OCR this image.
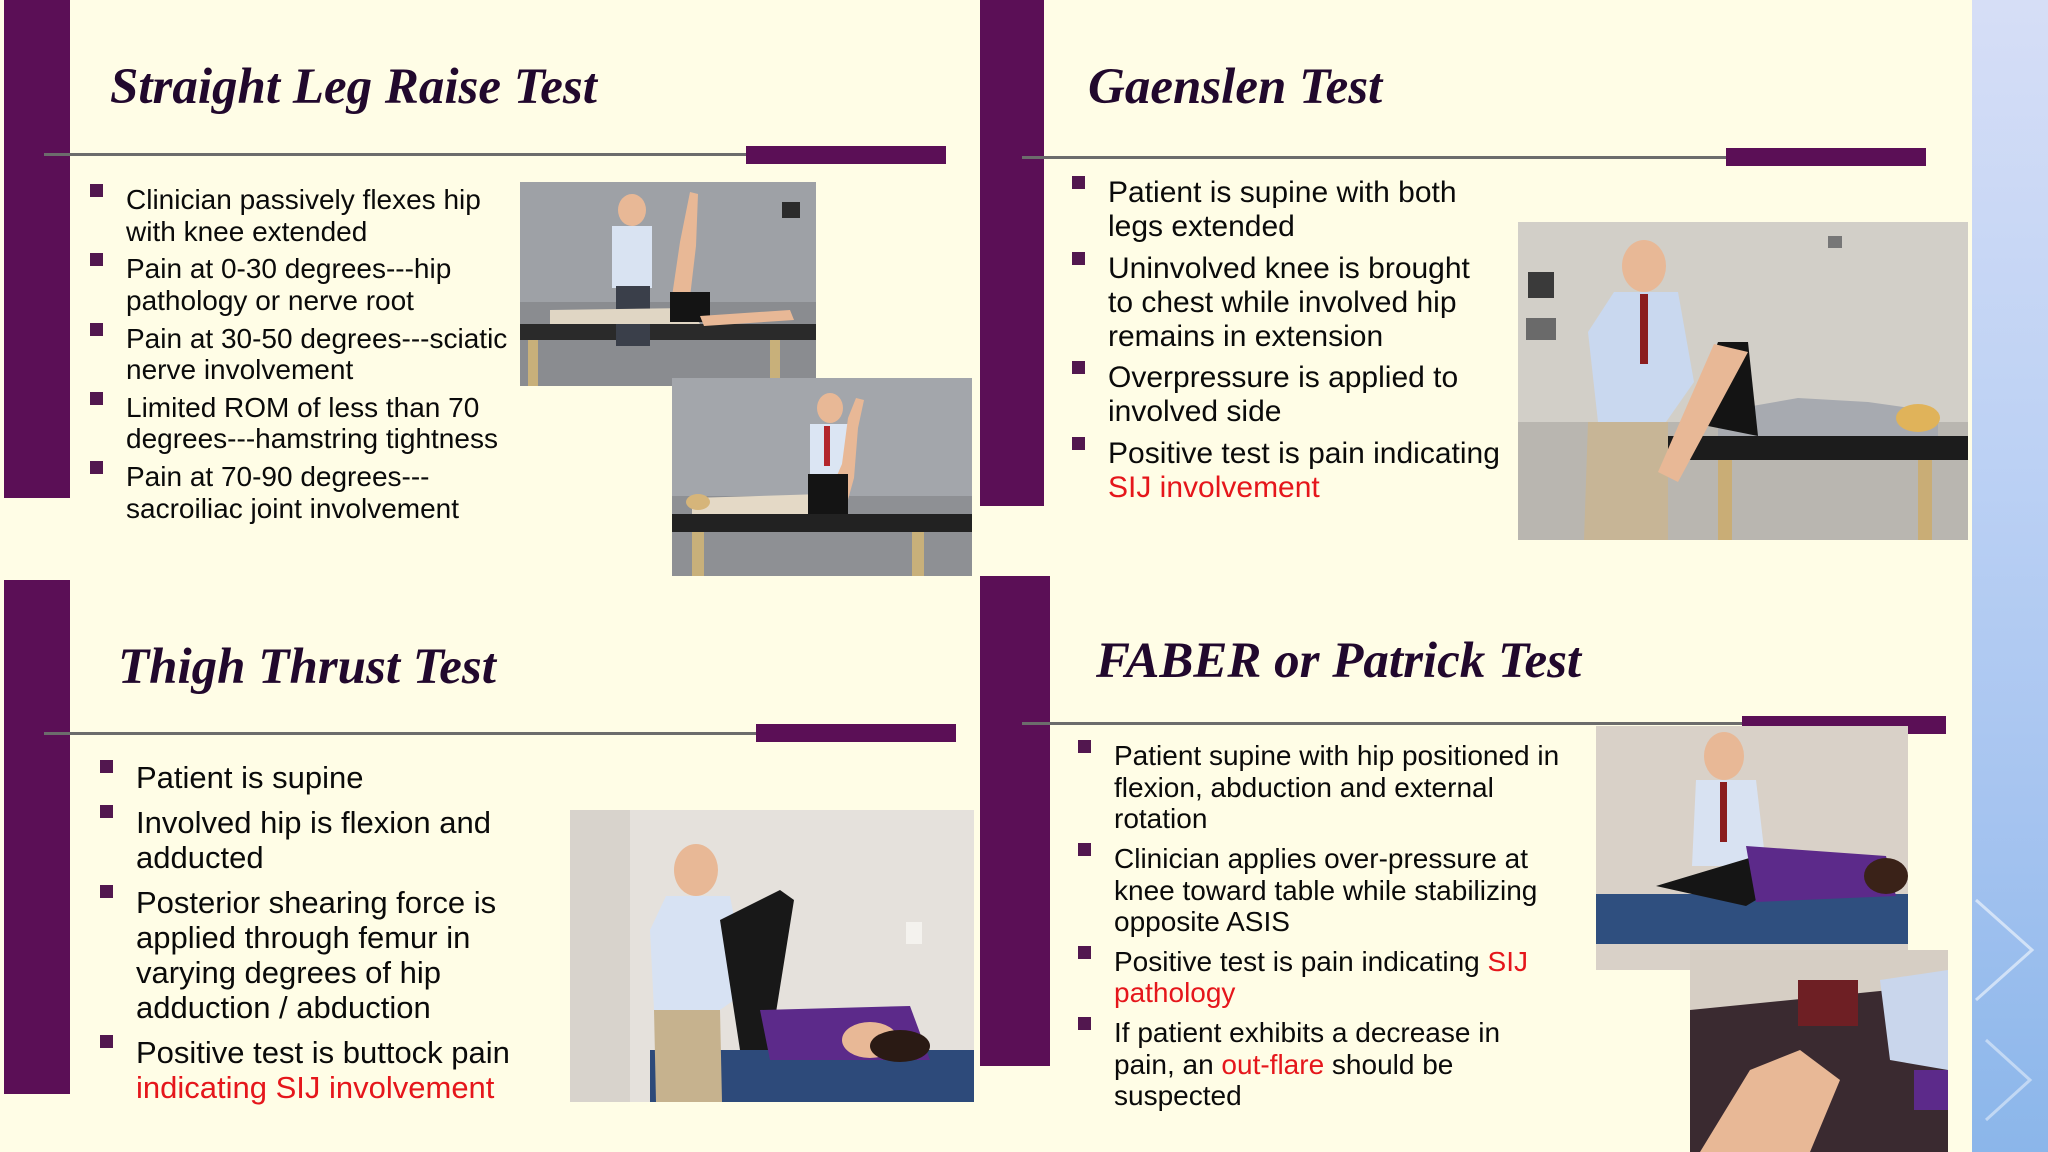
Straight Leg Raise Test
Clinician passively flexes hip with knee extended
Pain at 0-30 degrees---hip pathology or nerve root
Pain at 30-50 degrees---sciatic nerve involvement
Limited ROM of less than 70 degrees---hamstring tightness
Pain at 70-90 degrees---sacroiliac joint involvement
Gaenslen Test
Patient is supine with both legs extended
Uninvolved knee is brought to chest while involved hip remains in extension
Overpressure is applied to involved side
Positive test is pain indicating SIJ involvement
Thigh Thrust Test
Patient is supine
Involved hip is flexion and adducted
Posterior shearing force is applied through femur in varying degrees of hip adduction / abduction
Positive test is buttock pain indicating SIJ involvement
FABER or Patrick Test
Patient supine with hip positioned in flexion, abduction and external rotation
Clinician applies over-pressure at knee toward table while stabilizing opposite ASIS
Positive test is pain indicating SIJ pathology
If patient exhibits a decrease in pain, an out-flare should be suspected
